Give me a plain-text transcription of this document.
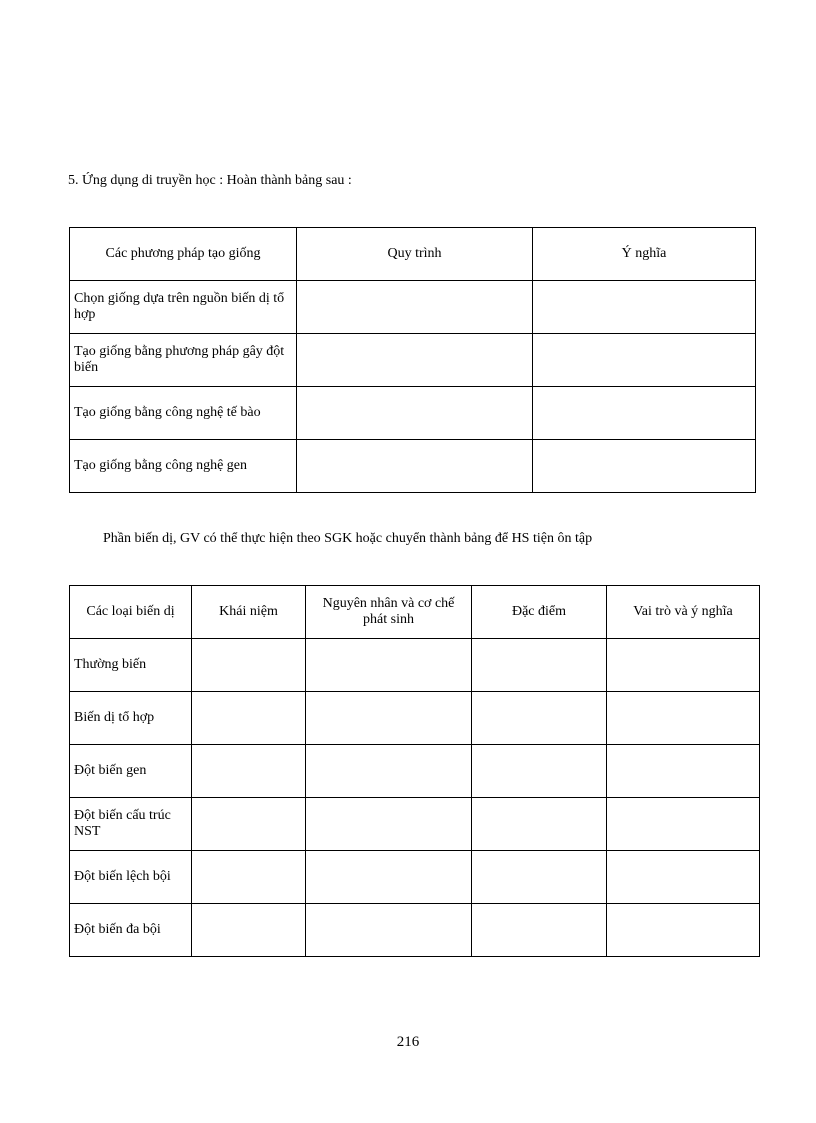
5. Ứng dụng di truyền học : Hoàn thành bảng sau :
Các phương pháp tạo giống	Quy trình	Ý nghĩa
Chọn giống dựa trên nguồn biến dị tổ hợp		
Tạo giống bằng phương pháp gây đột biến		
Tạo giống bằng công nghệ tế bào		
Tạo giống bằng công nghệ gen		
Phần biến dị, GV có thể thực hiện theo SGK hoặc chuyển thành bảng để HS tiện ôn tập
Các loại biến dị	Khái niệm	Nguyên nhân và cơ chế phát sinh	Đặc điểm	Vai trò và ý nghĩa
Thường biến				
Biến dị tổ hợp				
Đột biến gen				
Đột biến cấu trúc NST				
Đột biến lệch bội				
Đột biến đa bội				
216
